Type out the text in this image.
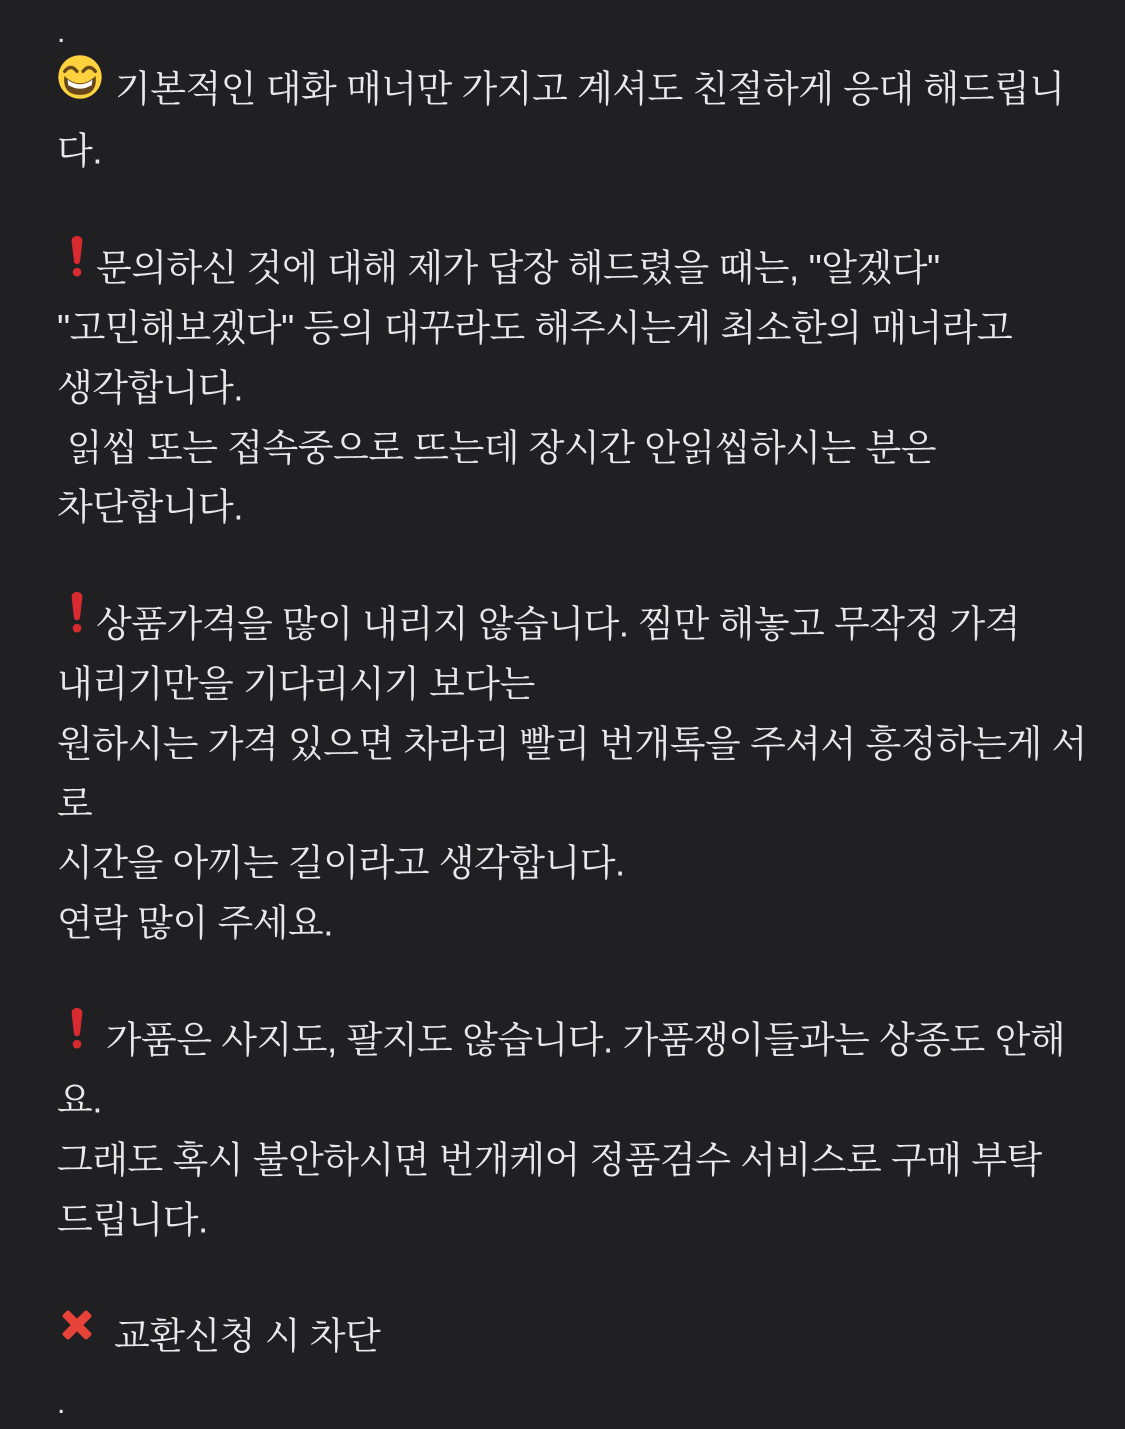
.
기본적인 대화 매너만 가지고 계셔도 친절하게 응대 해드립니다.
문의하신 것에 대해 제가 답장 해드렸을 때는, "알겠다"
"고민해보겠다" 등의 대꾸라도 해주시는게 최소한의 매너라고
생각합니다.
읽씹 또는 접속중으로 뜨는데 장시간 안읽씹하시는 분은
차단합니다.
상품가격을 많이 내리지 않습니다. 찜만 해놓고 무작정 가격
내리기만을 기다리시기 보다는
원하시는 가격 있으면 차라리 빨리 번개톡을 주셔서 흥정하는게 서로
시간을 아끼는 길이라고 생각합니다.
연락 많이 주세요.
가품은 사지도, 팔지도 않습니다. 가품쟁이들과는 상종도 안해요.
그래도 혹시 불안하시면 번개케어 정품검수 서비스로 구매 부탁
드립니다.
교환신청 시 차단
.
